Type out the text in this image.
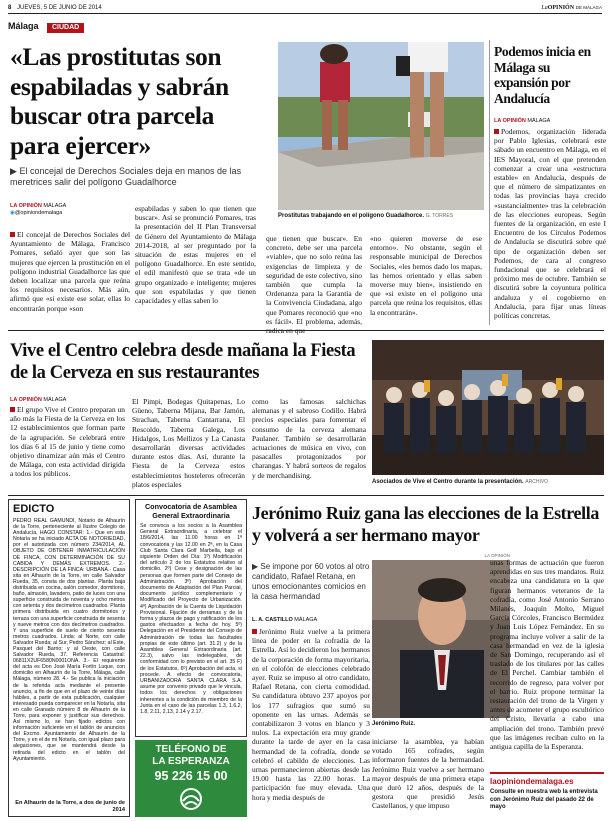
8 JUEVES, 5 DE JUNIO DE 2014	LaOPINIÓN DE MÁLAGA
Málaga CIUDAD
«Las prostitutas son espabiladas y sabrán buscar otra parcela para ejercer»
▶ El concejal de Derechos Sociales deja en manos de las meretrices salir del polígono Guadalhorce
LA OPINIÓN MÁLAGA
◉@opiniondemalaga
El concejal de Derechos Sociales del Ayuntamiento de Málaga, Francisco Pomares, señaló ayer que son las mujeres que ejercen la prostitución en el polígono industrial Guadalhorce las que deben localizar una parcela que reúna los requisitos necesarios. Más aún, afirmó que «si existe ese solar, ellas lo encontrarán porque «son
espabiladas y saben lo que tienen que buscar». Así se pronunció Pomares, tras la presentación del II Plan Transversal de Género del Ayuntamiento de Málaga 2014-2018, al ser preguntado por la situación de estas mujeres en el polígono Guadalhorce. En este sentido, el edil manifestó que se trata «de un grupo organizado e inteligente; mujeres que son espabiladas y que tienen capacidades y ellas saben lo
Prostitutas trabajando en el polígono Guadalhorce. G. TORRES
que tienen que buscar». En concreto, debe ser una parcela «viable», que no solo reúna las exigencias de limpieza y de seguridad de este colectivo, sino también que cumpla la Ordenanza para la Garantía de la Convivencia Ciudadana, algo que Pomares reconoció que «no es fácil». El problema, además,
«no quieren moverse de ese entorno». No obstante, según el responsable municipal de Derechos Sociales, «les hemos dado los mapas, las hemos orientado y ellas saben moverse muy bien», insistiendo en que «si existe en el polígono una parcela que reúna los requisitos, ellas la encontrarán».
Podemos inicia en Málaga su expansión por Andalucía
LA OPINIÓN MÁLAGA
Podemos, organización liderada por Pablo Iglesias, celebrará este sábado un encuentro en Málaga, en el IES Mayoral, con el que pretenden comenzar a crear una «estructura estable» en Andalucía, después de que el número de simpatizantes en todas las provincias haya crecido «sustancialmente» tras la celebración de las elecciones europeas. Según fuentes de la organización, en este I Encuentro de los Círculos Podemos de Andalucía se discutirá sobre qué tipo de organización deben ser Podemos, de cara al congreso fundacional que se celebrará el próximo mes de octubre. También se discutirá sobre la coyuntura política andaluza y el cogobierno en Andalucía, para fijar unas líneas políticas concretas.
Vive el Centro celebra desde mañana la Fiesta de la Cerveza en sus restaurantes
LA OPINIÓN MÁLAGA
El grupo Vive el Centro preparan un año más la Fiesta de la Cerveza en los 12 establecimientos que forman parte de la agrupación. Se celebrará entre los días 6 al 15 de junio y tiene como objetivo dinamizar aún más el Centro de Málaga, con esta actividad dirigida a todos los públicos.
El Pimpi, Bodegas Quitapenas, Lo Güeno, Taberna Mijana, Bar Jamón, Strachan, Taberna Cantarrana, El Rescoldo, Taberna Galega, Los Hidalgos, Los Mellizos y La Canasta desarrollarán diversas actividades durante estos días. Así, durante la Fiesta de la Cerveza estos establecimientos hosteleros ofrecerán platos especiales
como las famosas salchichas alemanas y el sabroso Codillo. Habrá precios especiales para fomentar el consumo de la cerveza alemana Paulaner. También se desarrollarán actuaciones de música en vivo, con pasacalles protagonizados por charangas. Y habrá sorteos de regalos y de merchandising.
Asociados de Vive el Centro durante la presentación. ARCHIVO
EDICTO

PEDRO REAL GAMUNDI, Notario de Alhaurín de la Torre, perteneciente al Ilustre Colegio de Andalucía, HAGO CONSTAR: 1.- Que en esta Notaría se ha iniciado ACTA DE NOTORIEDAD, por el autorizada con número 234/2014, AL OBJETO DE OBTENER INMATRICULACIÓN DE FINCA, CON DETERMINACIÓN DE SU CABIDA Y DEMÁS EXTREMOS. 2.- DESCRIPCIÓN DE LA FINCA: URBANA.- Casa sita en Alhaurín de la Torre, en calle Salvador Rueda, 35, consta de dos plantas. Planta baja distribuida en cocina, salón comedor, dormitorio, baño, almacén, lavadero, patio de luces con una superficie construida de noventa y ocho metros con setenta y dos decímetros cuadrados. Planta primera distribuida en cuatro dormitorios y terraza con una superficie construida de sesenta y nueve metros con dos decímetros cuadrados. Y una superficie de suelo de ciento sesenta metros cuadrados. Linda: al Norte, con calle Salvador Rueda; al Sur, Pedro Sánchez; al Este, Pasquet del Barrio; y al Oeste, con calle Salvador Rueda, 37. Referencia Catastral: 06811X2UF6580N0001ONA. 3.- El requirente del acta es Don José María Fortín Luque, con domicilio en Alhaurín de la Torre, Málaga, calle Málaga, número 28. 4.- Se publica la iniciación de la referida acta mediante el presente anuncio, a fin de que en el plazo de veinte días hábiles, a partir de esta publicación, cualquier interesado pueda comparecer en la Notaría, sita en calle Granado número 8 de Alhaurín de la Torre, para exponer y justificar sus derechos. Así mismo lo, se han fijado edictos con información suficiente en el tablón de anuncios del Excmo. Ayuntamiento de Alhaurín de la Torre, y en el de mi Notaría, con igual plazo para alegaciones, que se mantendrá desde la retirada del edicto en el tablón del Ayuntamiento.

En Alhaurín de la Torre, a dos de junio de 2014

Convocatoria de Asamblea General Extraordinaria

Se convoca a los socios a la Asamblea General Extraordinaria, a celebrar el 18/6/2014, las 11.00 horas en 1ª convocatoria y las 12.00 en 2ª, en la Casa Club Santa Clara Golf Marbella, bajo el siguiente Orden del Día: 1º) Modificación del artículo 2 de los Estatutos relativo al domicilio. 2º) Cese y designación de las personas que formen parte del Consejo de Administración. 3º) Aprobación del documento de Adaptación del Plan Parcial, documento jurídico complementario y Modificado del Proyecto de Urbanización. 4º) Aprobación de la Cuenta de Liquidación Provisional. Fijación de derramas y de la forma y plazos de pago y ratificación de los gastos efectuados a fecha de hoy. 5º) Delegación en el Presidente del Consejo de Administración de todas las facultades propias de este último (art. 31.2) y de la Asamblea General Extraordinaria (art. 22.3), salvo las indelegables, de conformidad con lo previsto en el art. 35 F) de los Estatutos. 6º) Aprobación del acta, si procede. A efecto de convocatoria, URBANIZADORA SANTA CLARA S.A. asume por convenio privado que le vincula, todos los derechos y obligaciones inherentes a la condición de miembro de la Junta en el caso de las parcelas 1.3, 1.6.2, 1.8, 2.11, 2.13, 2.14 y 2.17.

TELÉFONO DE
LA ESPERANZA
95 226 15 00
Jerónimo Ruiz gana las elecciones de la Estrella y volverá a ser hermano mayor
LA OPINIÓN
▶ Se impone por 60 votos al otro candidato, Rafael Retana, en unos emocionantes comicios en la casa hermandad
L. A. CASTILLO MÁLAGA
Jerónimo Ruiz vuelve a la primera línea de poder en la cofradía de la Estrella. Así lo decidieron los hermanos de la corporación de forma mayoritaria, en el colofón de elecciones celebrado ayer. Ruiz se impuso al otro candidato, Rafael Retana, con cierta comodidad. Su candidatura obtuvo 237 apoyos por los 177 sufragios que sumó su oponente en las urnas. Además se contabilizaron 3 votos en blanco y 3 nulos. La expectación era muy grande durante la tarde de ayer en la casa hermandad de la cofradía, donde se celebró el cabildo de elecciones. Las urnas permanecieron abiertas desde las 19.00 hasta las 22.00 horas. La participación fue muy elevada. Una hora y media después de
Jerónimo Ruiz.
iniciarse la asamblea, ya habían votado 165 cofrades, según informaron fuentes de la hermandad. Jerónimo Ruiz vuelve a ser hermano mayor después de una primera etapa que duró 12 años, después de la gestora que presidió Jesús Castellanos, y que impuso
unas formas de actuación que fueron aprendidas en sus tres mandatos. Ruiz encabeza una candidatura en la que figuran hermanos veteranos de la cofradía, como José Antonio Serrano Milanés, Joaquín Molto, Miguel García Córcoles, Francisco Bermúdez y Juan Luis López Fernández. En su programa incluye volver a salir de la casa hermandad en vez de la iglesia de San Domingo, recuperando así el traslado de los titulares por las calles de El Perchel. Cambiar también el recorrido de regreso, para volver por el barrio. Ruiz propone terminar la restauración del trono de la Virgen y antes de acometer el grupo escultórico del Cristo, llevaría a cabo una ampliación del trono. También prevé que las imágenes reciban culto en la antigua capilla de la Esperanza.
laopiniondemalaga.es
Consulte en nuestra web la entrevista con Jerónimo Ruiz del pasado 22 de mayo
